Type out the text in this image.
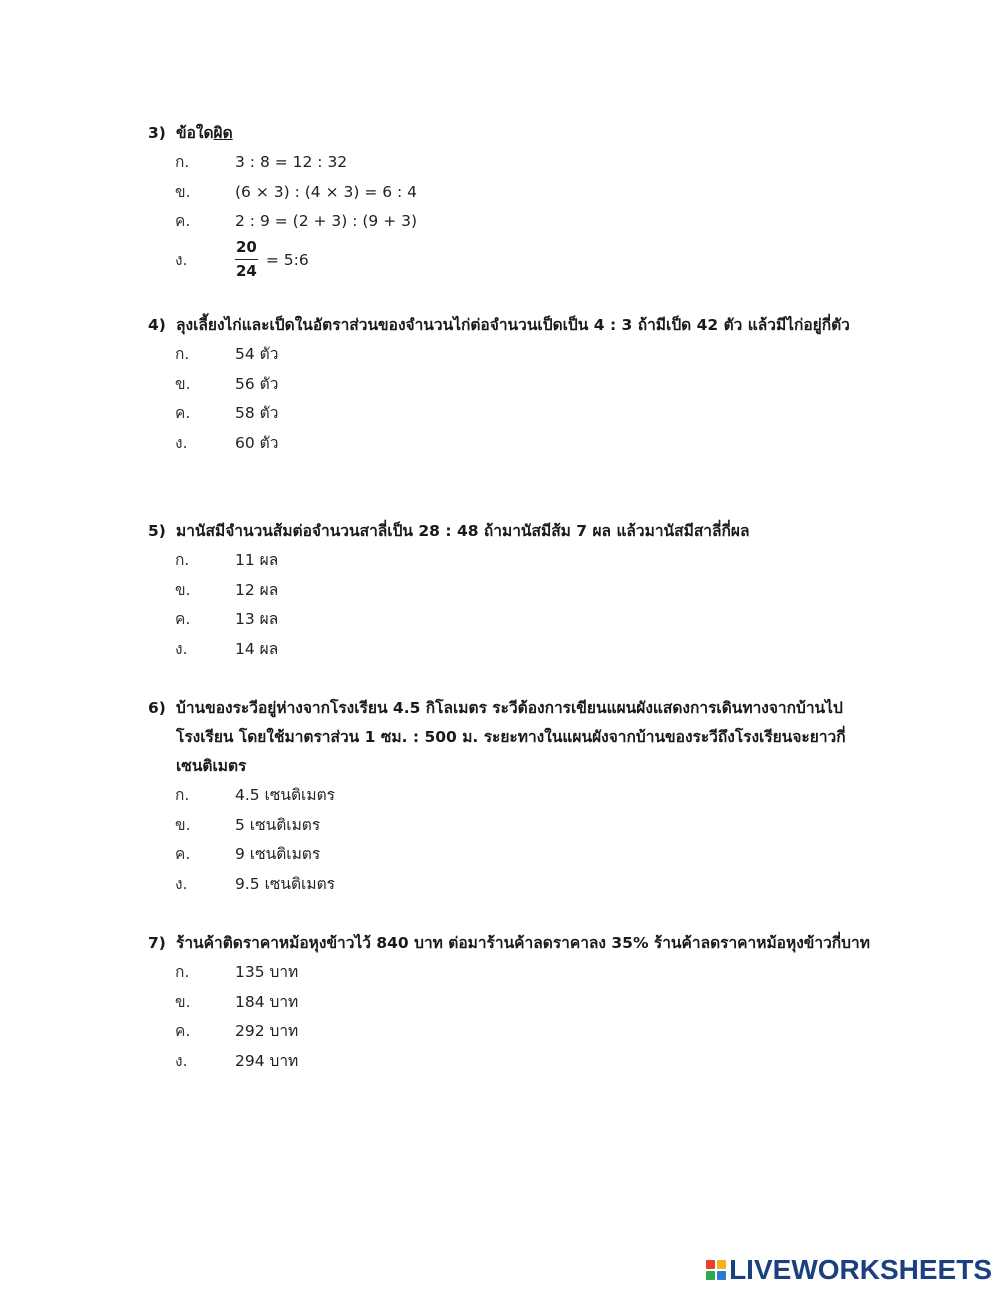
3) ข้อใดผิด
ก.	3 : 8 = 12 : 32
ข.	(6 × 3) : (4 × 3) = 6 : 4
ค.	2 : 9 = (2 + 3) : (9 + 3)
ง.	$\frac{20}{24}$ = 5:6
4) ลุงเลี้ยงไก่และเป็ดในอัตราส่วนของจำนวนไก่ต่อจำนวนเป็ดเป็น 4 : 3 ถ้ามีเป็ด 42 ตัว แล้วมีไก่อยู่กี่ตัว
ก.	54 ตัว
ข.	56 ตัว
ค.	58 ตัว
ง.	60 ตัว
5) มานัสมีจำนวนส้มต่อจำนวนสาลี่เป็น 28 : 48 ถ้ามานัสมีส้ม 7 ผล แล้วมานัสมีสาลี่กี่ผล
ก.	11 ผล
ข.	12 ผล
ค.	13 ผล
ง.	14 ผล
6) บ้านของระวีอยู่ห่างจากโรงเรียน 4.5 กิโลเมตร ระวีต้องการเขียนแผนผังแสดงการเดินทางจากบ้านไปโรงเรียน โดยใช้มาตราส่วน 1 ซม. : 500 ม. ระยะทางในแผนผังจากบ้านของระวีถึงโรงเรียนจะยาวกี่เซนติเมตร
ก.	4.5 เซนติเมตร
ข.	5 เซนติเมตร
ค.	9 เซนติเมตร
ง.	9.5 เซนติเมตร
7) ร้านค้าติดราคาหม้อหุงข้าวไว้ 840 บาท ต่อมาร้านค้าลดราคาลง 35% ร้านค้าลดราคาหม้อหุงข้าวกี่บาท
ก.	135 บาท
ข.	184 บาท
ค.	292 บาท
ง.	294 บาท
LIVEWORKSHEETS
